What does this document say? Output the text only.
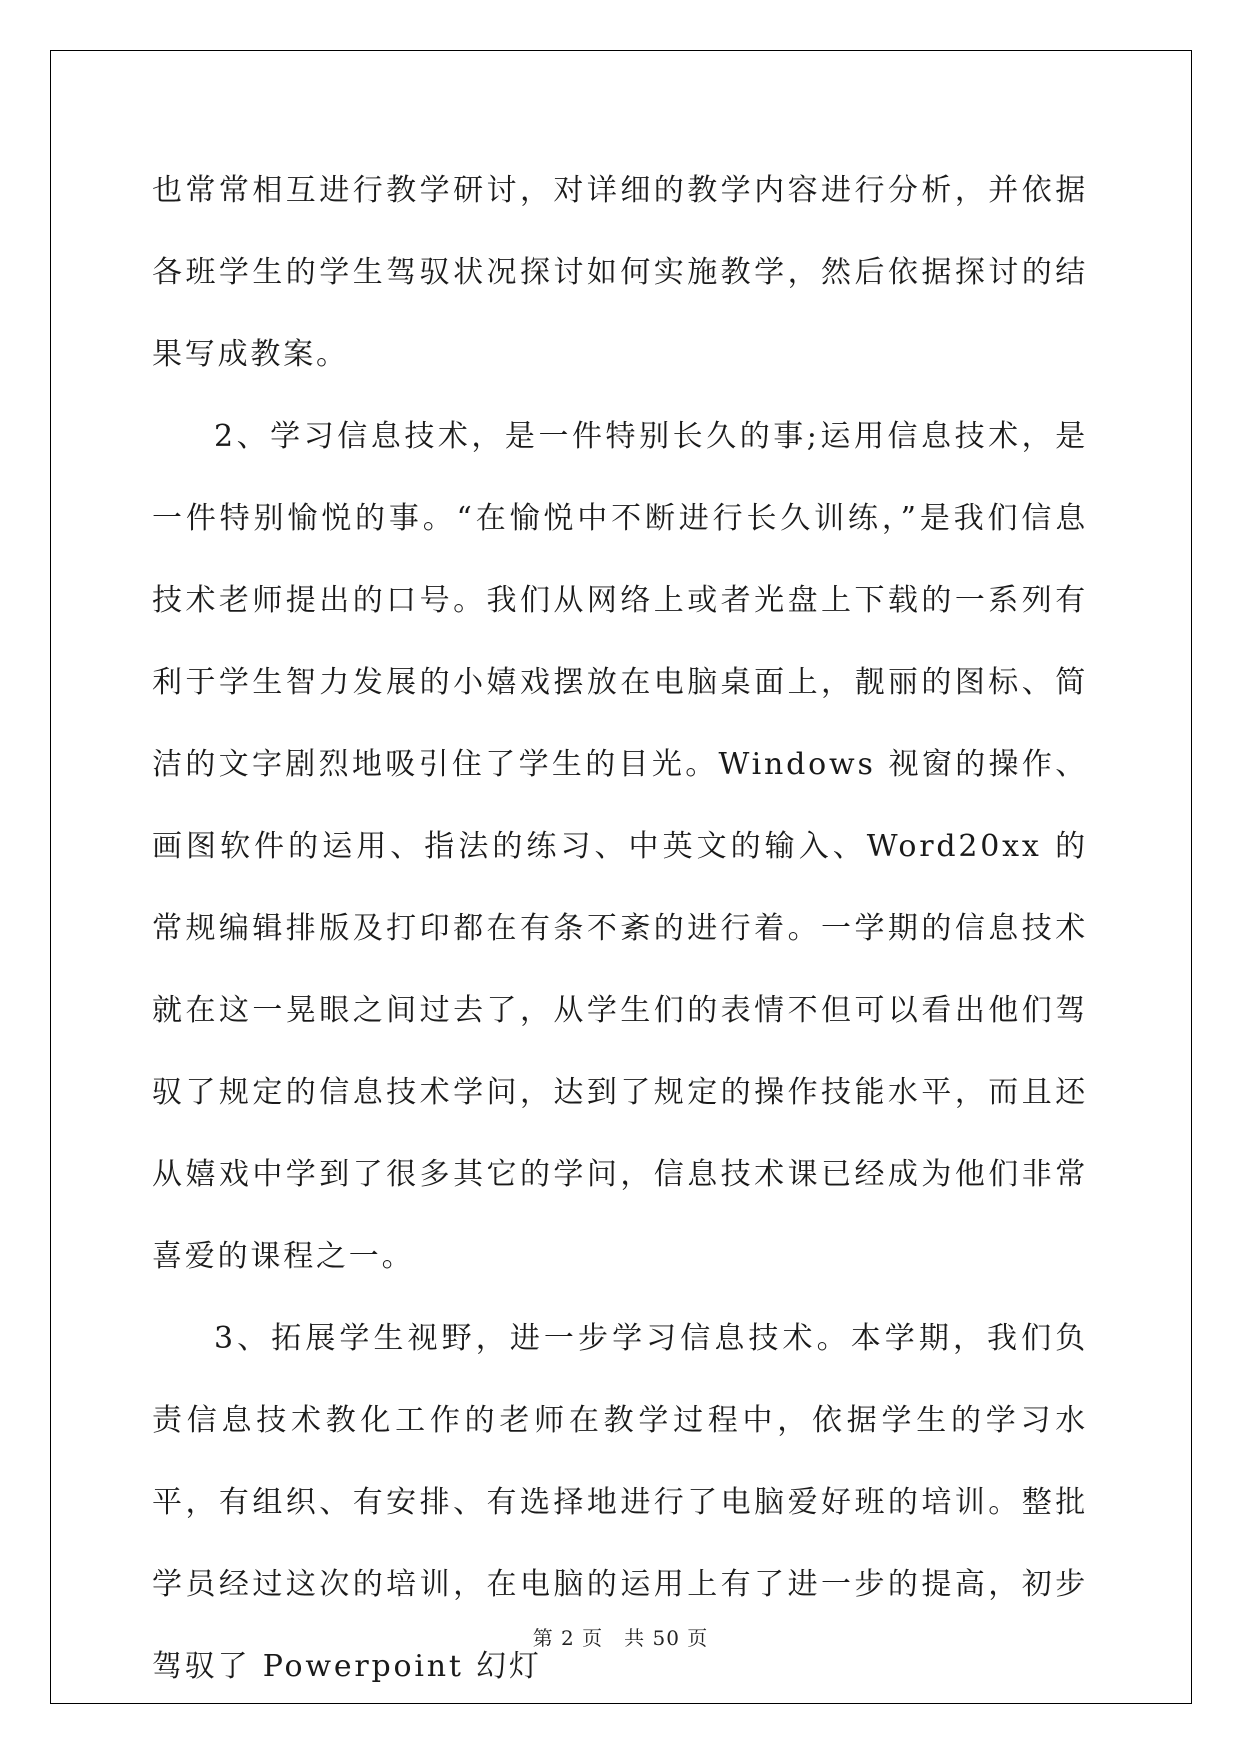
也常常相互进行教学研讨，对详细的教学内容进行分析，并依据各班学生的学生驾驭状况探讨如何实施教学，然后依据探讨的结果写成教案。

2、学习信息技术，是一件特别长久的事;运用信息技术，是一件特别愉悦的事。“在愉悦中不断进行长久训练，”是我们信息技术老师提出的口号。我们从网络上或者光盘上下载的一系列有利于学生智力发展的小嬉戏摆放在电脑桌面上，靓丽的图标、简洁的文字剧烈地吸引住了学生的目光。Windows 视窗的操作、画图软件的运用、指法的练习、中英文的输入、Word20xx 的常规编辑排版及打印都在有条不紊的进行着。一学期的信息技术就在这一晃眼之间过去了，从学生们的表情不但可以看出他们驾驭了规定的信息技术学问，达到了规定的操作技能水平，而且还从嬉戏中学到了很多其它的学问，信息技术课已经成为他们非常喜爱的课程之一。

3、拓展学生视野，进一步学习信息技术。本学期，我们负责信息技术教化工作的老师在教学过程中，依据学生的学习水平，有组织、有安排、有选择地进行了电脑爱好班的培训。整批学员经过这次的培训，在电脑的运用上有了进一步的提高，初步驾驭了 Powerpoint 幻灯

第 2 页　共 50 页
